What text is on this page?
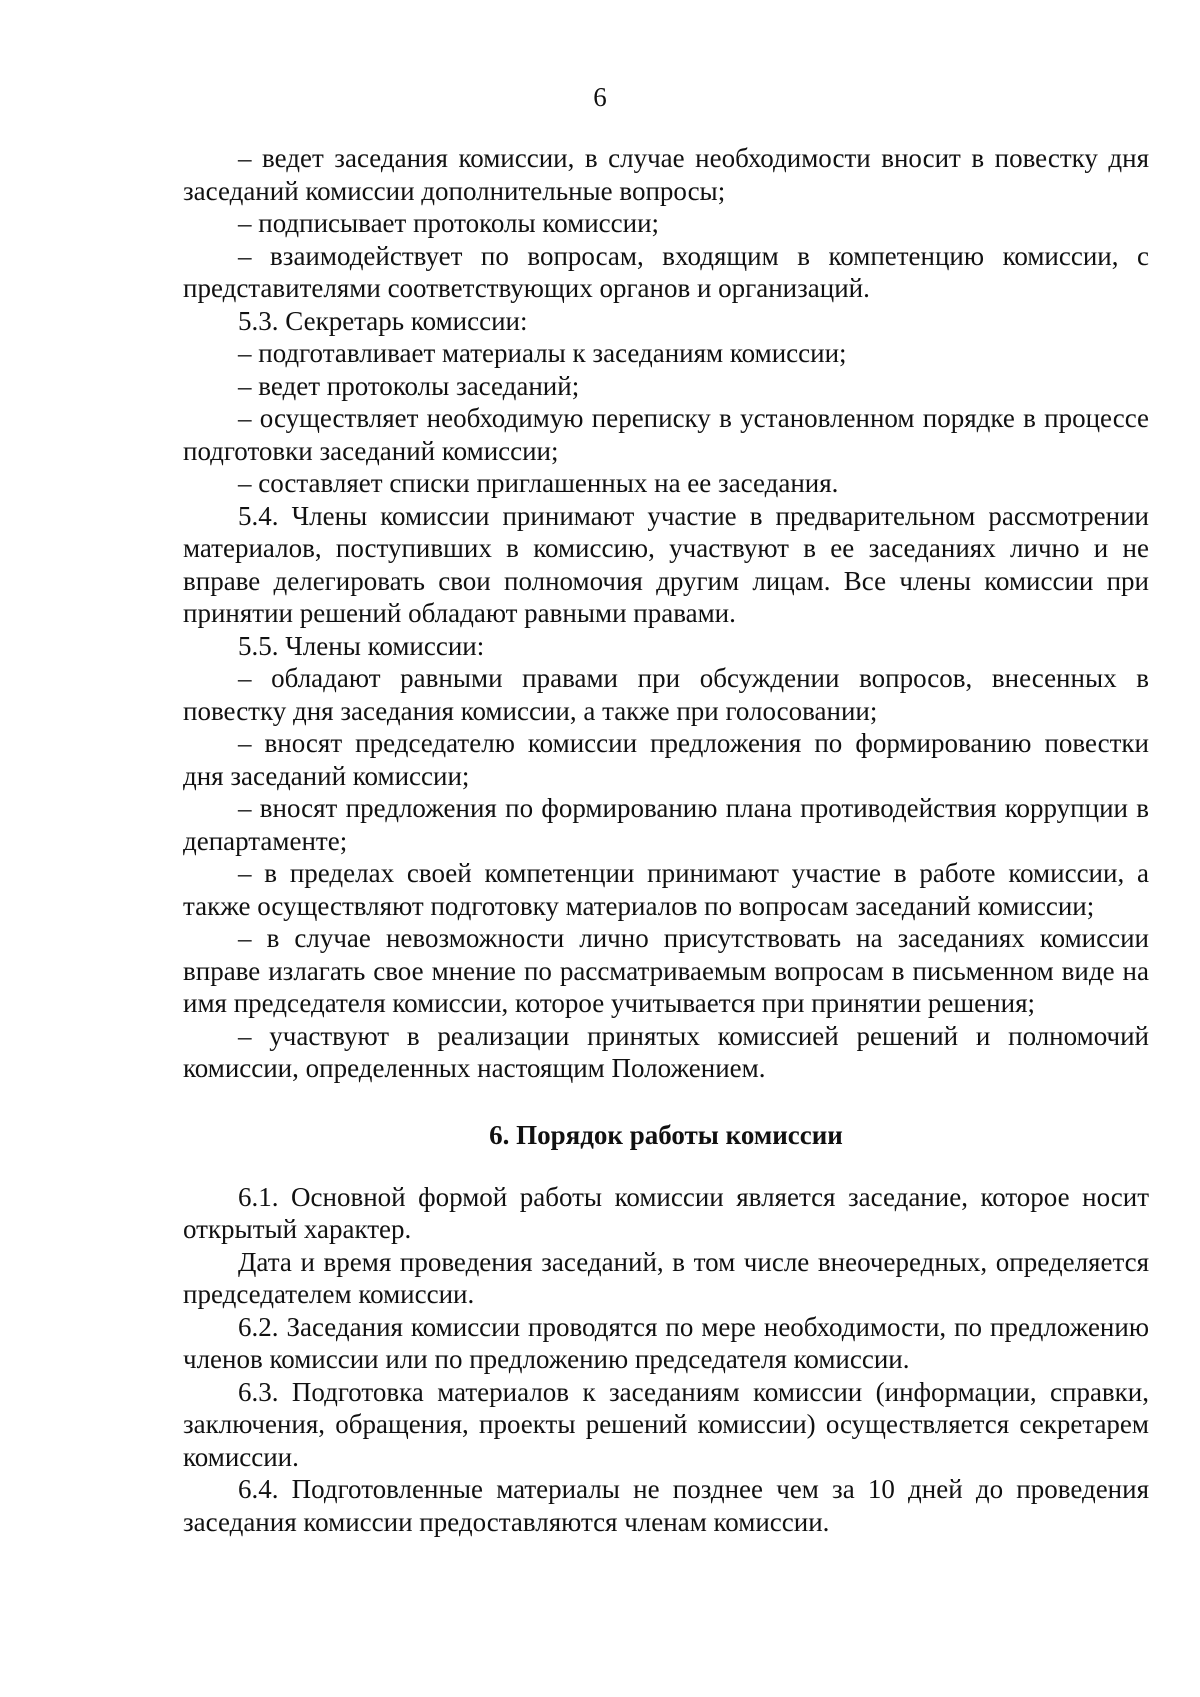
6

– ведет заседания комиссии, в случае необходимости вносит в повестку дня заседаний комиссии дополнительные вопросы;

– подписывает протоколы комиссии;

– взаимодействует по вопросам, входящим в компетенцию комиссии, с представителями соответствующих органов и организаций.

5.3. Секретарь комиссии:

– подготавливает материалы к заседаниям комиссии;

– ведет протоколы заседаний;

– осуществляет необходимую переписку в установленном порядке в процессе подготовки заседаний комиссии;

– составляет списки приглашенных на ее заседания.

5.4. Члены комиссии принимают участие в предварительном рассмотрении материалов, поступивших в комиссию, участвуют в ее заседаниях лично и не вправе делегировать свои полномочия другим лицам. Все члены комиссии при принятии решений обладают равными правами.

5.5. Члены комиссии:

– обладают равными правами при обсуждении вопросов, внесенных в повестку дня заседания комиссии, а также при голосовании;

– вносят председателю комиссии предложения по формированию повестки дня заседаний комиссии;

– вносят предложения по формированию плана противодействия коррупции в департаменте;

– в пределах своей компетенции принимают участие в работе комиссии, а также осуществляют подготовку материалов по вопросам заседаний комиссии;

– в случае невозможности лично присутствовать на заседаниях комиссии вправе излагать свое мнение по рассматриваемым вопросам в письменном виде на имя председателя комиссии, которое учитывается при принятии решения;

– участвуют в реализации принятых комиссией решений и полномочий комиссии, определенных настоящим Положением.

6. Порядок работы комиссии

6.1. Основной формой работы комиссии является заседание, которое носит открытый характер.

Дата и время проведения заседаний, в том числе внеочередных, определяется председателем комиссии.

6.2. Заседания комиссии проводятся по мере необходимости, по предложению членов комиссии или по предложению председателя комиссии.

6.3. Подготовка материалов к заседаниям комиссии (информации, справки, заключения, обращения, проекты решений комиссии) осуществляется секретарем комиссии.

6.4. Подготовленные материалы не позднее чем за 10 дней до проведения заседания комиссии предоставляются членам комиссии.
